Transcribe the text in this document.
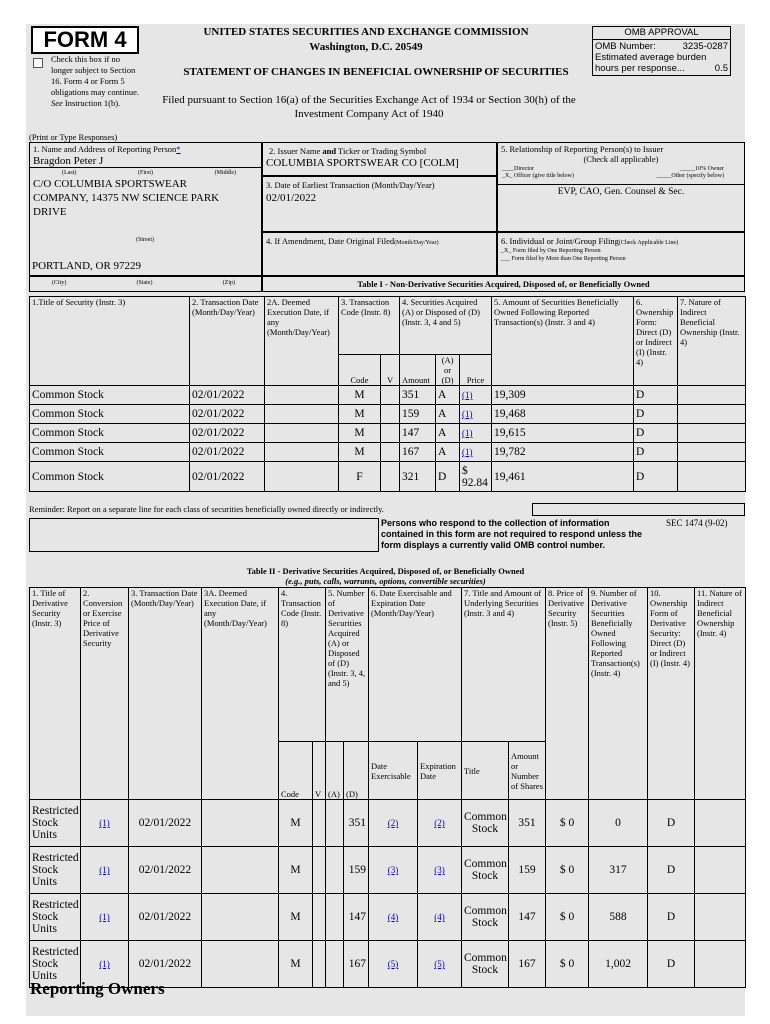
FORM 4
Check this box if no longer subject to Section 16. Form 4 or Form 5 obligations may continue. See Instruction 1(b).
UNITED STATES SECURITIES AND EXCHANGE COMMISSION
Washington, D.C. 20549
STATEMENT OF CHANGES IN BENEFICIAL OWNERSHIP OF SECURITIES
Filed pursuant to Section 16(a) of the Securities Exchange Act of 1934 or Section 30(h) of the Investment Company Act of 1940
OMB APPROVAL
OMB Number:	3235-0287
Estimated average burden
hours per response...	0.5
(Print or Type Responses)
1. Name and Address of Reporting Person*
Bragdon Peter J
(Last)	(First)	(Middle)
C/O COLUMBIA SPORTSWEAR COMPANY, 14375 NW SCIENCE PARK DRIVE
(Street)
PORTLAND, OR 97229
(City)	(State)	(Zip)
2. Issuer Name and Ticker or Trading Symbol
COLUMBIA SPORTSWEAR CO [COLM]
3. Date of Earliest Transaction (Month/Day/Year)
02/01/2022
4. If Amendment, Date Original Filed(Month/Day/Year)
5. Relationship of Reporting Person(s) to Issuer
(Check all applicable)
____Director	_____10% Owner
_X_ Officer (give title below)	_____Other (specify below)
EVP, CAO, Gen. Counsel & Sec.
6. Individual or Joint/Group Filing(Check Applicable Line)
_X_ Form filed by One Reporting Person
___ Form filed by More than One Reporting Person
Table I - Non-Derivative Securities Acquired, Disposed of, or Beneficially Owned
1.Title of Security (Instr. 3)	2. Transaction Date (Month/Day/Year)	2A. Deemed Execution Date, if any (Month/Day/Year)	3. Transaction Code (Instr. 8)		4. Securities Acquired (A) or Disposed of (D) (Instr. 3, 4 and 5)			5. Amount of Securities Beneficially Owned Following Reported Transaction(s) (Instr. 3 and 4)	6. Ownership Form: Direct (D) or Indirect (I) (Instr. 4)	7. Nature of Indirect Beneficial Ownership (Instr. 4)
			Code	V	Amount	(A) or (D)	Price			
Common Stock	02/01/2022		M		351	A	(1)	19,309	D	
Common Stock	02/01/2022		M		159	A	(1)	19,468	D	
Common Stock	02/01/2022		M		147	A	(1)	19,615	D	
Common Stock	02/01/2022		M		167	A	(1)	19,782	D	
Common Stock	02/01/2022		F		321	D	$ 92.84	19,461	D	
Reminder: Report on a separate line for each class of securities beneficially owned directly or indirectly.
Persons who respond to the collection of information contained in this form are not required to respond unless the form displays a currently valid OMB control number.
SEC 1474 (9-02)
Table II - Derivative Securities Acquired, Disposed of, or Beneficially Owned
(e.g., puts, calls, warrants, options, convertible securities)
1. Title of Derivative Security (Instr. 3)	2. Conversion or Exercise Price of Derivative Security	3. Transaction Date (Month/Day/Year)	3A. Deemed Execution Date, if any (Month/Day/Year)	4. Transaction Code (Instr. 8)		5. Number of Derivative Securities Acquired (A) or Disposed of (D) (Instr. 3, 4, and 5)		6. Date Exercisable and Expiration Date (Month/Day/Year)		7. Title and Amount of Underlying Securities (Instr. 3 and 4)		8. Price of Derivative Security (Instr. 5)	9. Number of Derivative Securities Beneficially Owned Following Reported Transaction(s) (Instr. 4)	10. Ownership Form of Derivative Security: Direct (D) or Indirect (I) (Instr. 4)	11. Nature of Indirect Beneficial Ownership (Instr. 4)
				Code	V	(A)	(D)	Date Exercisable	Expiration Date	Title	Amount or Number of Shares				
Restricted Stock Units	(1)	02/01/2022		M			351	(2)	(2)	Common Stock	351	$ 0	0	D	
Restricted Stock Units	(1)	02/01/2022		M			159	(3)	(3)	Common Stock	159	$ 0	317	D	
Restricted Stock Units	(1)	02/01/2022		M			147	(4)	(4)	Common Stock	147	$ 0	588	D	
Restricted Stock Units	(1)	02/01/2022		M			167	(5)	(5)	Common Stock	167	$ 0	1,002	D	
Reporting Owners
